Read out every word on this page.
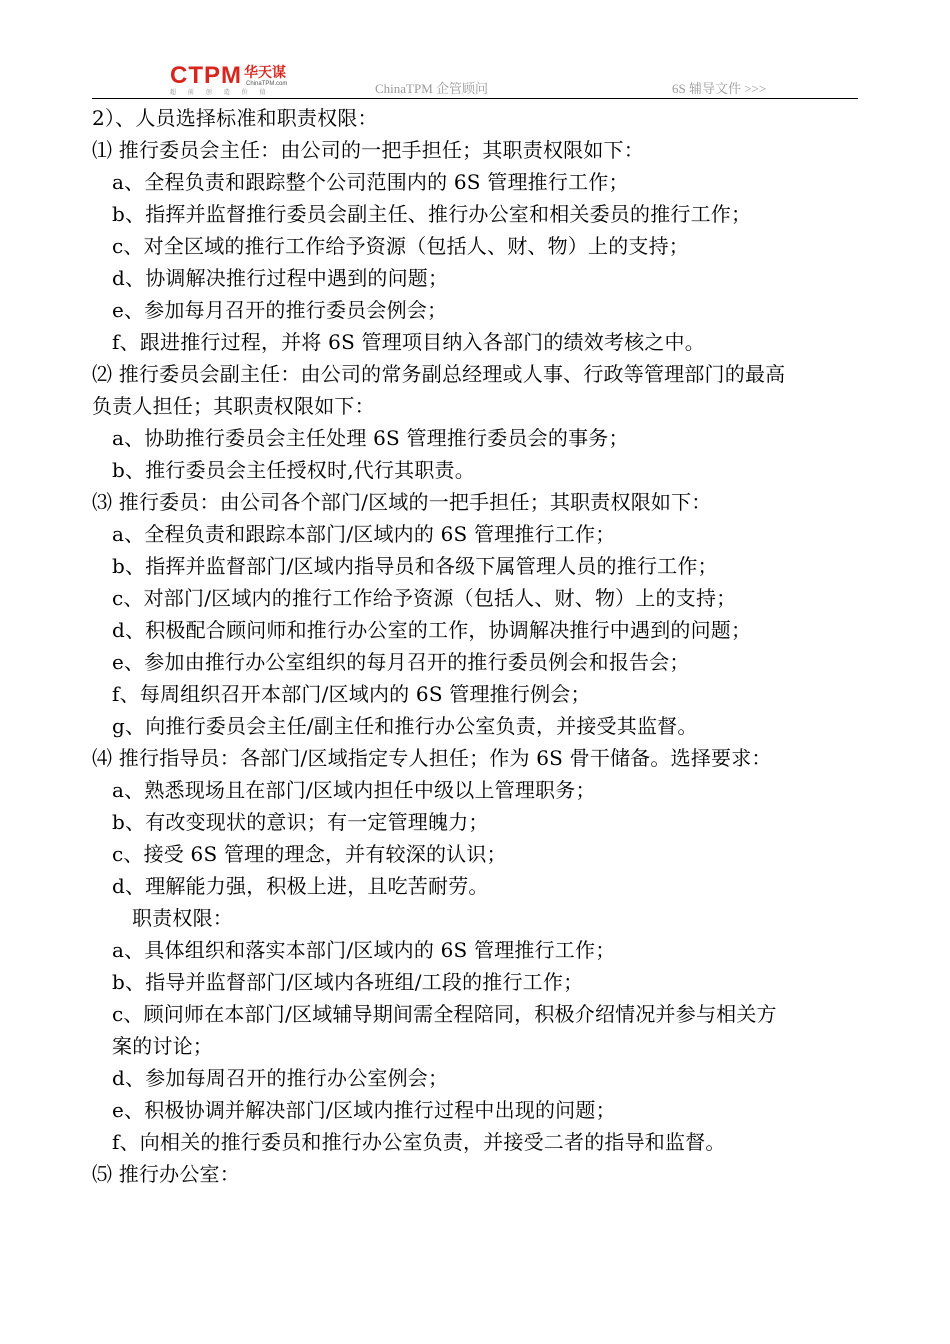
CTPM 华天谋
ChinaTPM.com
超 前 创 造 价 值	ChinaTPM 企管顾问	6S 辅导文件 >>>
2）、人员选择标准和职责权限：
⑴ 推行委员会主任：由公司的一把手担任；其职责权限如下：
a、全程负责和跟踪整个公司范围内的 6S 管理推行工作；
b、指挥并监督推行委员会副主任、推行办公室和相关委员的推行工作；
c、对全区域的推行工作给予资源（包括人、财、物）上的支持；
d、协调解决推行过程中遇到的问题；
e、参加每月召开的推行委员会例会；
f、跟进推行过程，并将 6S 管理项目纳入各部门的绩效考核之中。
⑵ 推行委员会副主任：由公司的常务副总经理或人事、行政等管理部门的最高
负责人担任；其职责权限如下：
a、协助推行委员会主任处理 6S 管理推行委员会的事务；
b、推行委员会主任授权时,代行其职责。
⑶ 推行委员：由公司各个部门/区域的一把手担任；其职责权限如下：
a、全程负责和跟踪本部门/区域内的 6S 管理推行工作；
b、指挥并监督部门/区域内指导员和各级下属管理人员的推行工作；
c、对部门/区域内的推行工作给予资源（包括人、财、物）上的支持；
d、积极配合顾问师和推行办公室的工作，协调解决推行中遇到的问题；
e、参加由推行办公室组织的每月召开的推行委员例会和报告会；
f、每周组织召开本部门/区域内的 6S 管理推行例会；
g、向推行委员会主任/副主任和推行办公室负责，并接受其监督。
⑷ 推行指导员：各部门/区域指定专人担任；作为 6S 骨干储备。选择要求：
a、熟悉现场且在部门/区域内担任中级以上管理职务；
b、有改变现状的意识；有一定管理魄力；
c、接受 6S 管理的理念，并有较深的认识；
d、理解能力强，积极上进，且吃苦耐劳。
职责权限：
a、具体组织和落实本部门/区域内的 6S 管理推行工作；
b、指导并监督部门/区域内各班组/工段的推行工作；
c、顾问师在本部门/区域辅导期间需全程陪同，积极介绍情况并参与相关方
案的讨论；
d、参加每周召开的推行办公室例会；
e、积极协调并解决部门/区域内推行过程中出现的问题；
f、向相关的推行委员和推行办公室负责，并接受二者的指导和监督。
⑸ 推行办公室：
